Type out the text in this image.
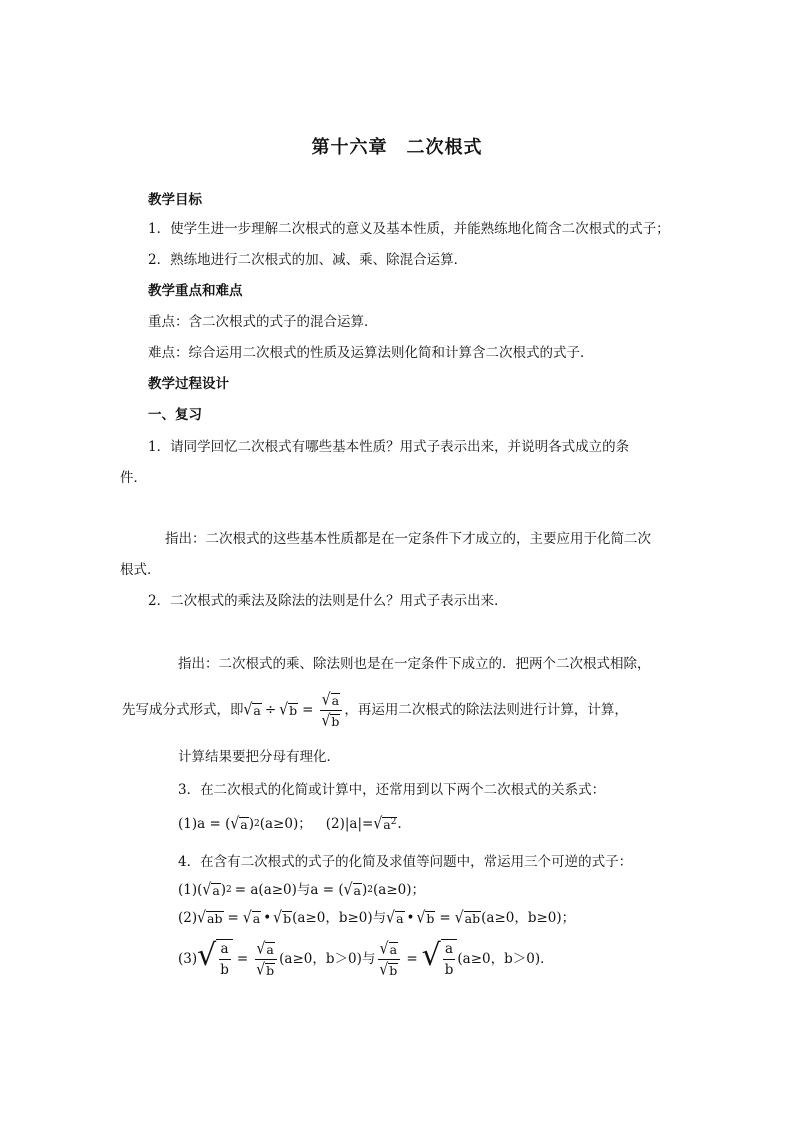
第十六章　二次根式
教学目标
1．使学生进一步理解二次根式的意义及基本性质，并能熟练地化简含二次根式的式子；
2．熟练地进行二次根式的加、减、乘、除混合运算．
教学重点和难点
重点：含二次根式的式子的混合运算．
难点：综合运用二次根式的性质及运算法则化简和计算含二次根式的式子．
教学过程设计
一、复习
1．请同学回忆二次根式有哪些基本性质？用式子表示出来，并说明各式成立的条
件．
指出：二次根式的这些基本性质都是在一定条件下才成立的，主要应用于化简二次
根式．
2．二次根式的乘法及除法的法则是什么？用式子表示出来．
指出：二次根式的乘、除法则也是在一定条件下成立的．把两个二次根式相除，
先写成分式形式，即 √ a ÷ √ $b = \frac{√ a}{√ b}$ ，再运用二次根式的除法法则进行计算，计算，
计算结果要把分母有理化．
3．在二次根式的化简或计算中，还常用到以下两个二次根式的关系式：
(1)a = ( √ a ) 2 (a≥0)； (2)|a|= √ $a^2$ .
4．在含有二次根式的式子的化简及求值等问题中，常运用三个可逆的式子：
(1)( √ a ) 2 = a(a≥0)与a = ( √ a ) 2 (a≥0)；
(2) √ ab = √ a • √ b (a≥0，b≥0)与 √ a • √ b = √ ab (a≥0，b≥0)；
(3) √ $\frac{a}{b} = \frac{√ a}{√ b} (a\ge 0$，b＞0)与 $\frac{√ a}{√ b}$ = √ $\frac{a}{b} (a\ge 0$，b＞0)．
